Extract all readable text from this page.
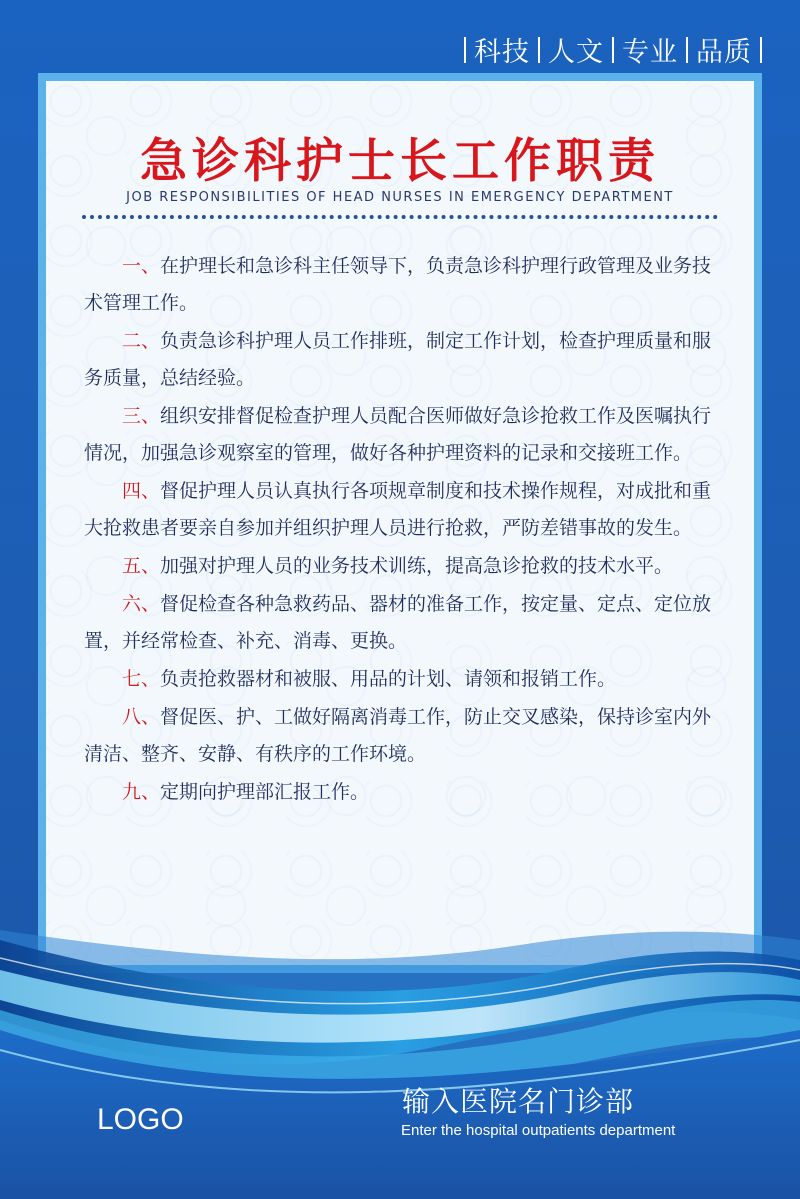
科技 人文 专业 品质
急诊科护士长工作职责
JOB RESPONSIBILITIES OF HEAD NURSES IN EMERGENCY DEPARTMENT

一、在护理长和急诊科主任领导下，负责急诊科护理行政管理及业务技术管理工作。

二、负责急诊科护理人员工作排班，制定工作计划，检查护理质量和服务质量，总结经验。

三、组织安排督促检查护理人员配合医师做好急诊抢救工作及医嘱执行情况，加强急诊观察室的管理，做好各种护理资料的记录和交接班工作。

四、督促护理人员认真执行各项规章制度和技术操作规程，对成批和重大抢救患者要亲自参加并组织护理人员进行抢救，严防差错事故的发生。

五、加强对护理人员的业务技术训练，提高急诊抢救的技术水平。

六、督促检查各种急救药品、器材的准备工作，按定量、定点、定位放置，并经常检查、补充、消毒、更换。

七、负责抢救器材和被服、用品的计划、请领和报销工作。

八、督促医、护、工做好隔离消毒工作，防止交叉感染，保持诊室内外清洁、整齐、安静、有秩序的工作环境。

九、定期向护理部汇报工作。

LOGO
输入医院名门诊部
Enter the hospital outpatients department
